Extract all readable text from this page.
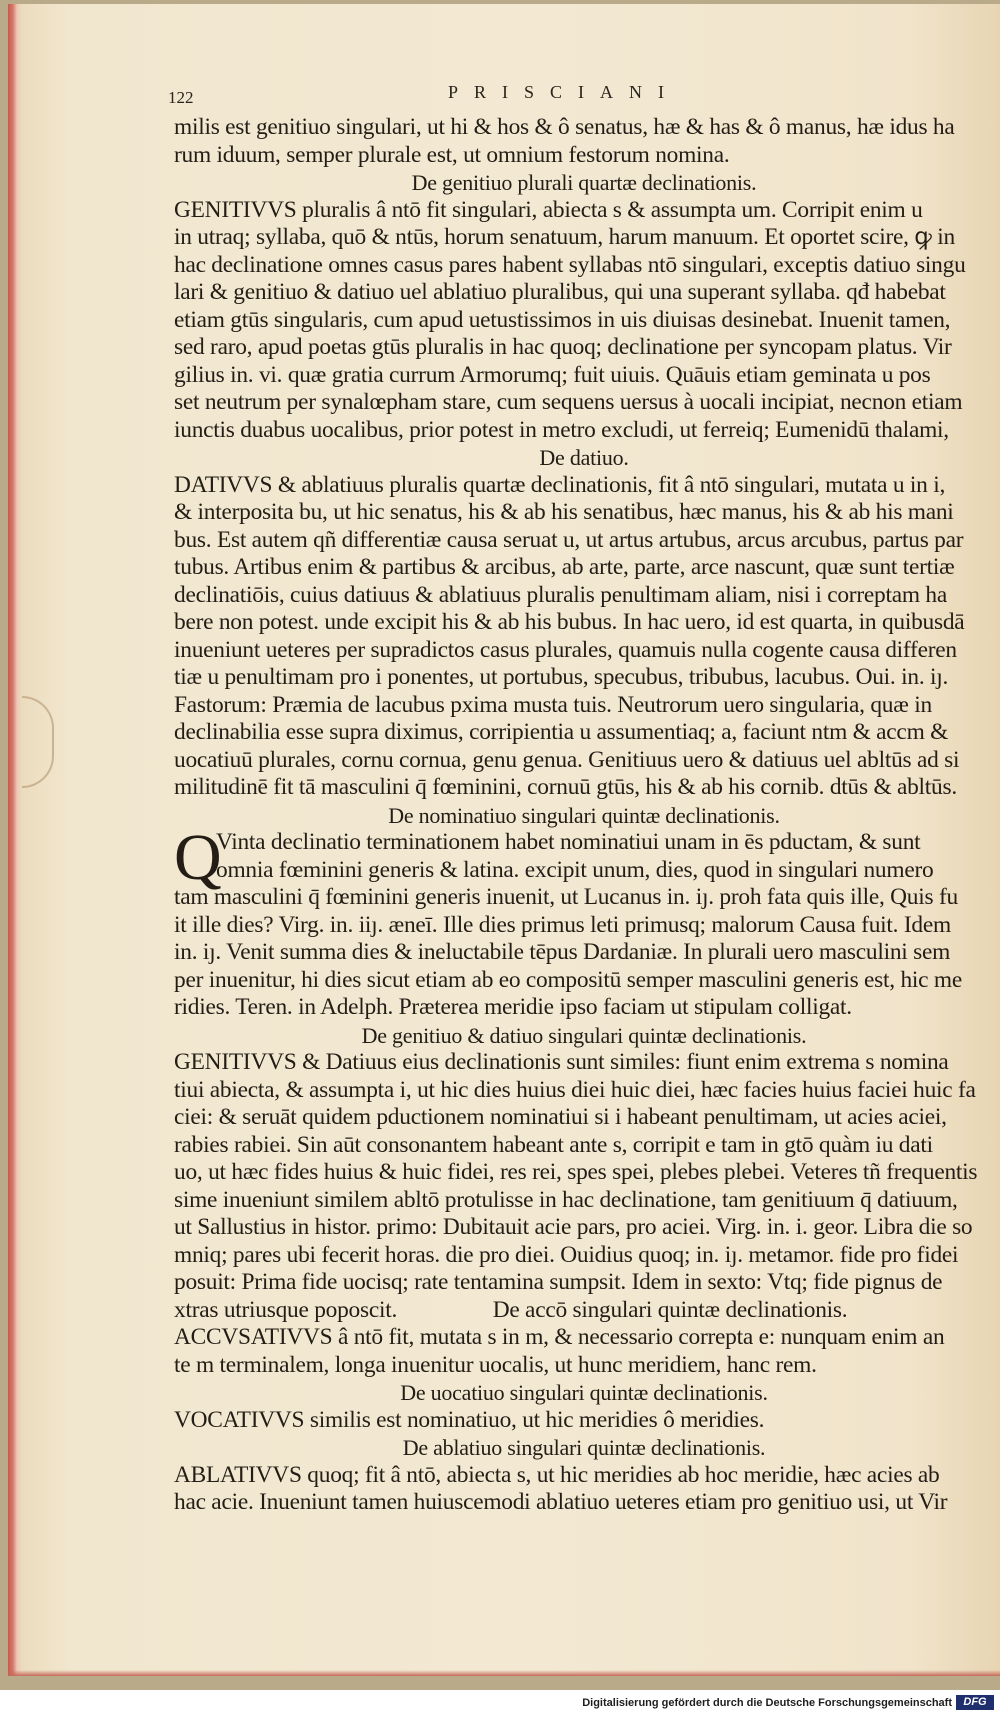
122	PRISCIANI
milis est genitiuo singulari, ut hi & hos & ô senatus, hæ & has & ô manus, hæ idus ha
rum iduum, semper plurale est, ut omnium festorum nomina.
De genitiuo plurali quartæ declinationis.
GENITIVVS pluralis â ntō fit singulari, abiecta s & assumpta um. Corripit enim u
in utraq; syllaba, quō & ntūs, horum senatuum, harum manuum. Et oportet scire, ꝙ in
hac declinatione omnes casus pares habent syllabas ntō singulari, exceptis datiuo singu
lari & genitiuo & datiuo uel ablatiuo pluralibus, qui una superant syllaba. qđ habebat
etiam gtūs singularis, cum apud uetustissimos in uis diuisas desinebat. Inuenit tamen,
sed raro, apud poetas gtūs pluralis in hac quoq; declinatione per syncopam platus. Vir
gilius in. vi. quæ gratia currum Armorumq; fuit uiuis. Quāuis etiam geminata u pos
set neutrum per synalœpham stare, cum sequens uersus à uocali incipiat, necnon etiam
iunctis duabus uocalibus, prior potest in metro excludi, ut ferreiq; Eumenidū thalami,
De datiuo.
DATIVVS & ablatiuus pluralis quartæ declinationis, fit â ntō singulari, mutata u in i,
& interposita bu, ut hic senatus, his & ab his senatibus, hæc manus, his & ab his mani
bus. Est autem qñ differentiæ causa seruat u, ut artus artubus, arcus arcubus, partus par
tubus. Artibus enim & partibus & arcibus, ab arte, parte, arce nascunt, quæ sunt tertiæ
declinatiōis, cuius datiuus & ablatiuus pluralis penultimam aliam, nisi i correptam ha
bere non potest. unde excipit his & ab his bubus. In hac uero, id est quarta, in quibusdā
inueniunt ueteres per supradictos casus plurales, quamuis nulla cogente causa differen
tiæ u penultimam pro i ponentes, ut portubus, specubus, tribubus, lacubus. Oui. in. iȷ.
Fastorum: Præmia de lacubus pxima musta tuis. Neutrorum uero singularia, quæ in
declinabilia esse supra diximus, corripientia u assumentiaq; a, faciunt ntm & accm &
uocatiuū plurales, cornu cornua, genu genua. Genitiuus uero & datiuus uel abltūs ad si
militudinē fit tā masculini q̄ fœminini, cornuū gtūs, his & ab his cornib. dtūs & abltūs.
De nominatiuo singulari quintæ declinationis.
Q
Vinta declinatio terminationem habet nominatiui unam in ēs pductam, & sunt
omnia fœminini generis & latina. excipit unum, dies, quod in singulari numero
tam masculini q̄ fœminini generis inuenit, ut Lucanus in. iȷ. proh fata quis ille, Quis fu
it ille dies? Virg. in. iiȷ. æneī. Ille dies primus leti primusq; malorum Causa fuit. Idem
in. iȷ. Venit summa dies & ineluctabile tēpus Dardaniæ. In plurali uero masculini sem
per inuenitur, hi dies sicut etiam ab eo compositū semper masculini generis est, hic me
ridies. Teren. in Adelph. Præterea meridie ipso faciam ut stipulam colligat.
De genitiuo & datiuo singulari quintæ declinationis.
GENITIVVS & Datiuus eius declinationis sunt similes: fiunt enim extrema s nomina
tiui abiecta, & assumpta i, ut hic dies huius diei huic diei, hæc facies huius faciei huic fa
ciei: & seruāt quidem pductionem nominatiui si i habeant penultimam, ut acies aciei,
rabies rabiei. Sin aūt consonantem habeant ante s, corripit e tam in gtō quàm iu dati
uo, ut hæc fides huius & huic fidei, res rei, spes spei, plebes plebei. Veteres tñ frequentis
sime inueniunt similem abltō protulisse in hac declinatione, tam genitiuum q̄ datiuum,
ut Sallustius in histor. primo: Dubitauit acie pars, pro aciei. Virg. in. i. geor. Libra die so
mniq; pares ubi fecerit horas. die pro diei. Ouidius quoq; in. iȷ. metamor. fide pro fidei
posuit: Prima fide uocisq; rate tentamina sumpsit. Idem in sexto: Vtq; fide pignus de
xtras utriusque poposcit.	De accō singulari quintæ declinationis.
ACCVSATIVVS â ntō fit, mutata s in m, & necessario correpta e: nunquam enim an
te m terminalem, longa inuenitur uocalis, ut hunc meridiem, hanc rem.
De uocatiuo singulari quintæ declinationis.
VOCATIVVS similis est nominatiuo, ut hic meridies ô meridies.
De ablatiuo singulari quintæ declinationis.
ABLATIVVS quoq; fit â ntō, abiecta s, ut hic meridies ab hoc meridie, hæc acies ab
hac acie. Inueniunt tamen huiuscemodi ablatiuo ueteres etiam pro genitiuo usi, ut Vir
Digitalisierung gefördert durch die Deutsche Forschungsgemeinschaft	DFG
